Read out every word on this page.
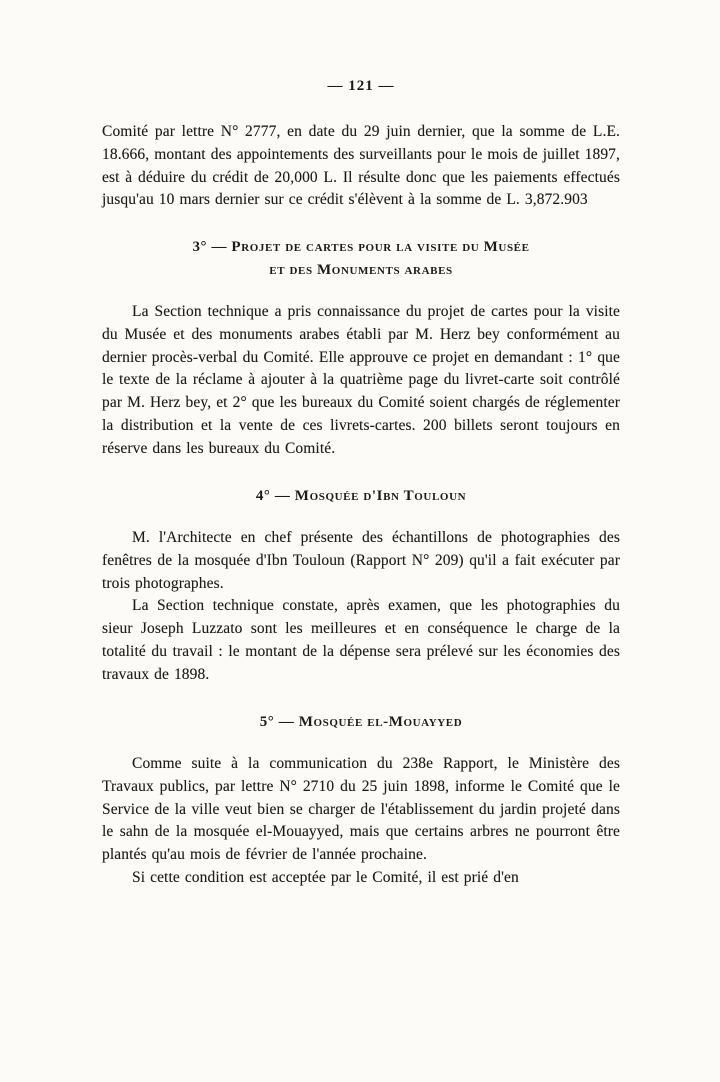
— 121 —

Comité par lettre N° 2777, en date du 29 juin dernier, que la somme de L.E. 18.666, montant des appointements des surveillants pour le mois de juillet 1897, est à déduire du crédit de 20,000 L. Il résulte donc que les paiements effectués jusqu'au 10 mars dernier sur ce crédit s'élèvent à la somme de L. 3,872.903

3° — Projet de cartes pour la visite du Musée
et des Monuments arabes

La Section technique a pris connaissance du projet de cartes pour la visite du Musée et des monuments arabes établi par M. Herz bey conformément au dernier procès-verbal du Comité. Elle approuve ce projet en demandant : 1° que le texte de la réclame à ajouter à la quatrième page du livret-carte soit contrôlé par M. Herz bey, et 2° que les bureaux du Comité soient chargés de réglementer la distribution et la vente de ces livrets-cartes. 200 billets seront toujours en réserve dans les bureaux du Comité.

4° — Mosquée d'Ibn Touloun

M. l'Architecte en chef présente des échantillons de photographies des fenêtres de la mosquée d'Ibn Touloun (Rapport N° 209) qu'il a fait exécuter par trois photographes.

La Section technique constate, après examen, que les photographies du sieur Joseph Luzzato sont les meilleures et en conséquence le charge de la totalité du travail : le montant de la dépense sera prélevé sur les économies des travaux de 1898.

5° — Mosquée el-Mouayyed

Comme suite à la communication du 238e Rapport, le Ministère des Travaux publics, par lettre N° 2710 du 25 juin 1898, informe le Comité que le Service de la ville veut bien se charger de l'établissement du jardin projeté dans le sahn de la mosquée el-Mouayyed, mais que certains arbres ne pourront être plantés qu'au mois de février de l'année prochaine.

Si cette condition est acceptée par le Comité, il est prié d'en
